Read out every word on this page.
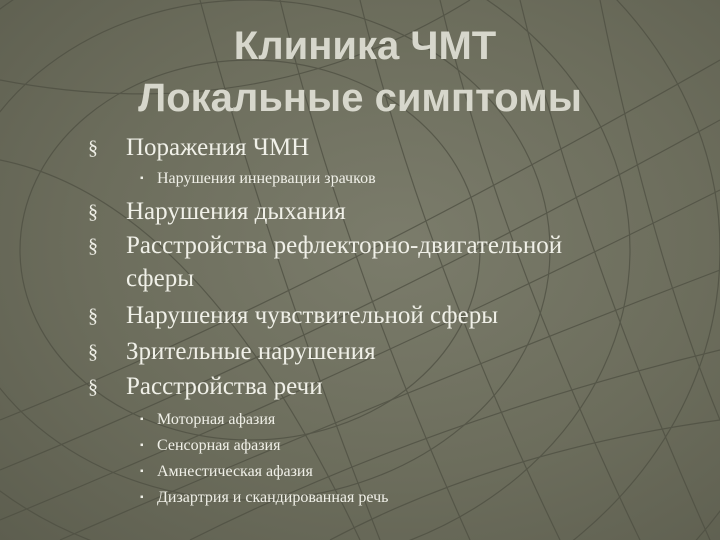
Клиника ЧМТ
Локальные симптомы
§ Поражения ЧМН
▪ Нарушения иннервации зрачков
§ Нарушения дыхания
§ Расстройства рефлекторно-двигательной
сферы
§ Нарушения чувствительной сферы
§ Зрительные нарушения
§ Расстройства речи
▪ Моторная афазия
▪ Сенсорная афазия
▪ Амнестическая афазия
▪ Дизартрия и скандированная речь
